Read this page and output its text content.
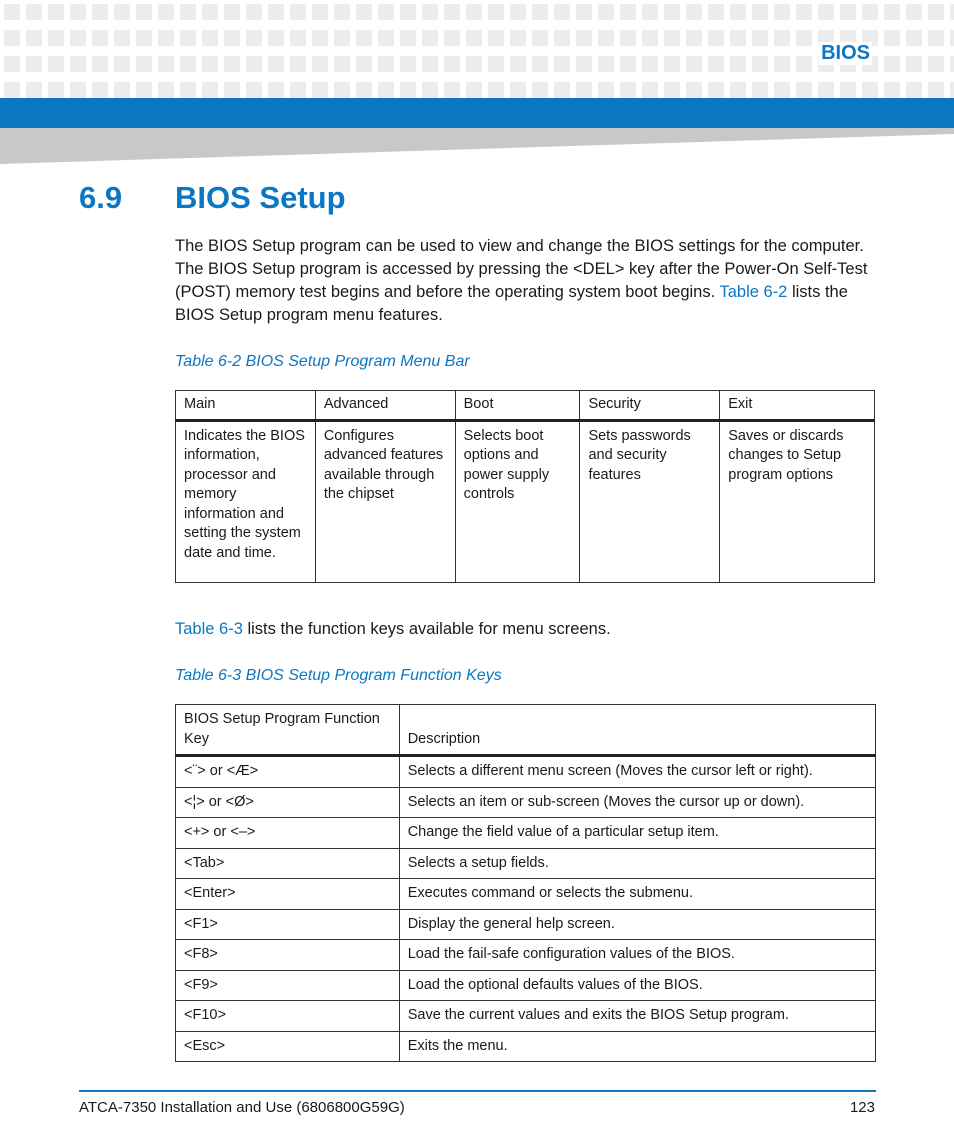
BIOS
6.9 BIOS Setup
The BIOS Setup program can be used to view and change the BIOS settings for the computer. The BIOS Setup program is accessed by pressing the <DEL> key after the Power-On Self-Test (POST) memory test begins and before the operating system boot begins. Table 6-2 lists the BIOS Setup program menu features.
Table 6-2 BIOS Setup Program Menu Bar
Main	Advanced	Boot	Security	Exit
Indicates the BIOS information, processor and memory information and setting the system date and time.	Configures advanced features available through the chipset	Selects boot options and power supply controls	Sets passwords and security features	Saves or discards changes to Setup program options
Table 6-3 lists the function keys available for menu screens.
Table 6-3 BIOS Setup Program Function Keys
BIOS Setup Program Function Key	Description
<¨> or <Æ>	Selects a different menu screen (Moves the cursor left or right).
<¦> or <Ø>	Selects an item or sub-screen (Moves the cursor up or down).
<+> or <–>	Change the field value of a particular setup item.
<Tab>	Selects a setup fields.
<Enter>	Executes command or selects the submenu.
<F1>	Display the general help screen.
<F8>	Load the fail-safe configuration values of the BIOS.
<F9>	Load the optional defaults values of the BIOS.
<F10>	Save the current values and exits the BIOS Setup program.
<Esc>	Exits the menu.
ATCA-7350 Installation and Use (6806800G59G)	123
